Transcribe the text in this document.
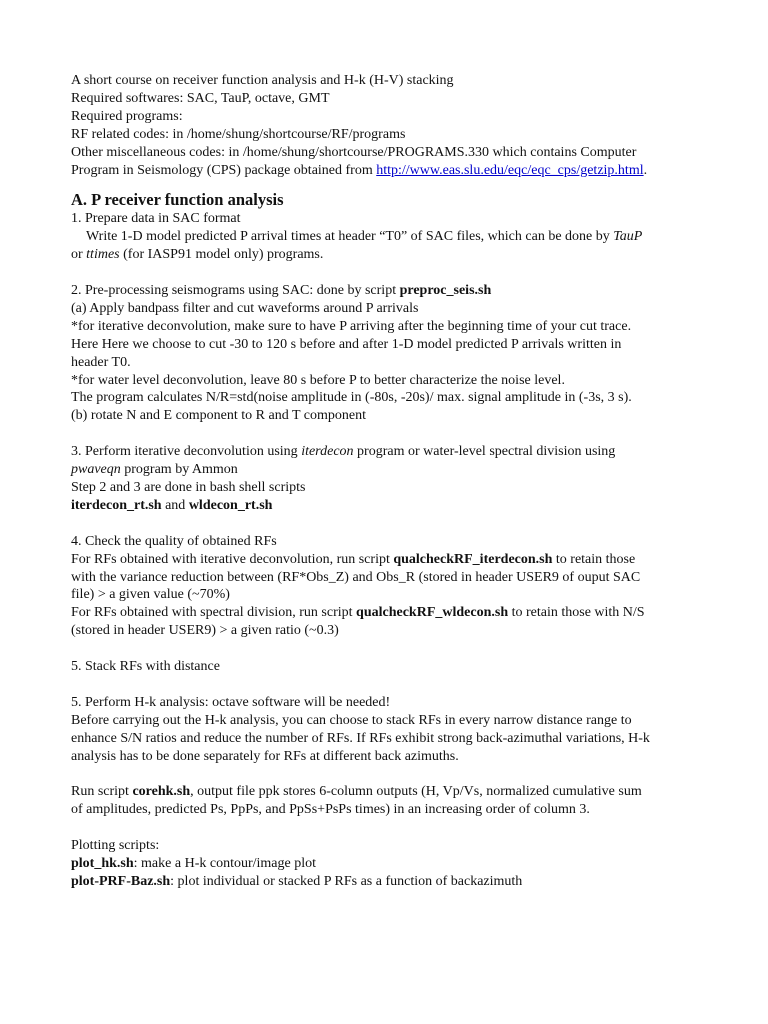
A short course on receiver function analysis and H-k (H-V) stacking
Required softwares: SAC, TauP, octave, GMT
Required programs:
RF related codes: in /home/shung/shortcourse/RF/programs
Other miscellaneous codes: in /home/shung/shortcourse/PROGRAMS.330 which contains Computer
Program in Seismology (CPS) package obtained from http://www.eas.slu.edu/eqc/eqc_cps/getzip.html.
A. P receiver function analysis
1. Prepare data in SAC format
Write 1-D model predicted P arrival times at header “T0” of SAC files, which can be done by TauP
or ttimes (for IASP91 model only) programs.
2. Pre-processing seismograms using SAC: done by script preproc_seis.sh
(a) Apply bandpass filter and cut waveforms around P arrivals
*for iterative deconvolution, make sure to have P arriving after the beginning time of your cut trace.
Here Here we choose to cut -30 to 120 s before and after 1-D model predicted P arrivals written in
header T0.
*for water level deconvolution, leave 80 s before P to better characterize the noise level.
The program calculates N/R=std(noise amplitude in (-80s, -20s)/ max. signal amplitude in (-3s, 3 s).
(b) rotate N and E component to R and T component
3. Perform iterative deconvolution using iterdecon program or water-level spectral division using
pwaveqn program by Ammon
Step 2 and 3 are done in bash shell scripts
iterdecon_rt.sh and wldecon_rt.sh
4. Check the quality of obtained RFs
For RFs obtained with iterative deconvolution, run script qualcheckRF_iterdecon.sh to retain those
with the variance reduction between (RF*Obs_Z) and Obs_R (stored in header USER9 of ouput SAC
file) > a given value (~70%)
For RFs obtained with spectral division, run script qualcheckRF_wldecon.sh to retain those with N/S
(stored in header USER9) > a given ratio (~0.3)
5. Stack RFs with distance
5. Perform H-k analysis: octave software will be needed!
Before carrying out the H-k analysis, you can choose to stack RFs in every narrow distance range to
enhance S/N ratios and reduce the number of RFs. If RFs exhibit strong back-azimuthal variations, H-k
analysis has to be done separately for RFs at different back azimuths.
Run script corehk.sh, output file ppk stores 6-column outputs (H, Vp/Vs, normalized cumulative sum
of amplitudes, predicted Ps, PpPs, and PpSs+PsPs times) in an increasing order of column 3.
Plotting scripts:
plot_hk.sh: make a H-k contour/image plot
plot-PRF-Baz.sh: plot individual or stacked P RFs as a function of backazimuth
